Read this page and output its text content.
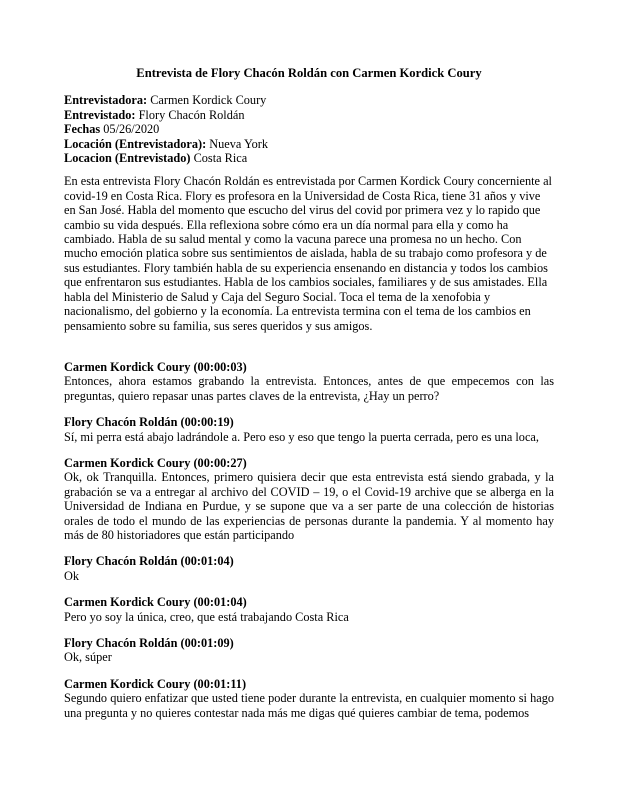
Entrevista de Flory Chacón Roldán con Carmen Kordick Coury
Entrevistadora: Carmen Kordick Coury
Entrevistado: Flory Chacón Roldán
Fechas 05/26/2020
Locación (Entrevistadora): Nueva York
Locacion (Entrevistado) Costa Rica

En esta entrevista Flory Chacón Roldán es entrevistada por Carmen Kordick Coury concerniente al covid-19 en Costa Rica. Flory es profesora en la Universidad de Costa Rica, tiene 31 años y vive en San José. Habla del momento que escucho del virus del covid por primera vez y lo rapido que cambio su vida después. Ella reflexiona sobre cómo era un día normal para ella y como ha cambiado. Habla de su salud mental y como la vacuna parece una promesa no un hecho. Con mucho emoción platica sobre sus sentimientos de aislada, habla de su trabajo como profesora y de sus estudiantes. Flory también habla de su experiencia ensenando en distancia y todos los cambios que enfrentaron sus estudiantes. Habla de los cambios sociales, familiares y de sus amistades. Ella habla del Ministerio de Salud y Caja del Seguro Social. Toca el tema de la xenofobia y nacionalismo, del gobierno y la economía. La entrevista termina con el tema de los cambios en pensamiento sobre su familia, sus seres queridos y sus amigos.

Carmen Kordick Coury (00:00:03)

Entonces, ahora estamos grabando la entrevista. Entonces, antes de que empecemos con las preguntas, quiero repasar unas partes claves de la entrevista, ¿Hay un perro?

Flory Chacón Roldán (00:00:19)

Sí, mi perra está abajo ladrándole a. Pero eso y eso que tengo la puerta cerrada, pero es una loca,

Carmen Kordick Coury (00:00:27)

Ok, ok Tranquilla. Entonces, primero quisiera decir que esta entrevista está siendo grabada, y la grabación se va a entregar al archivo del COVID – 19, o el Covid-19 archive que se alberga en la Universidad de Indiana en Purdue, y se supone que va a ser parte de una colección de historias orales de todo el mundo de las experiencias de personas durante la pandemia. Y al momento hay más de 80 historiadores que están participando

Flory Chacón Roldán (00:01:04)

Ok

Carmen Kordick Coury (00:01:04)

Pero yo soy la única, creo, que está trabajando Costa Rica

Flory Chacón Roldán (00:01:09)

Ok, súper

Carmen Kordick Coury (00:01:11)

Segundo quiero enfatizar que usted tiene poder durante la entrevista, en cualquier momento si hago una pregunta y no quieres contestar nada más me digas qué quieres cambiar de tema, podemos
